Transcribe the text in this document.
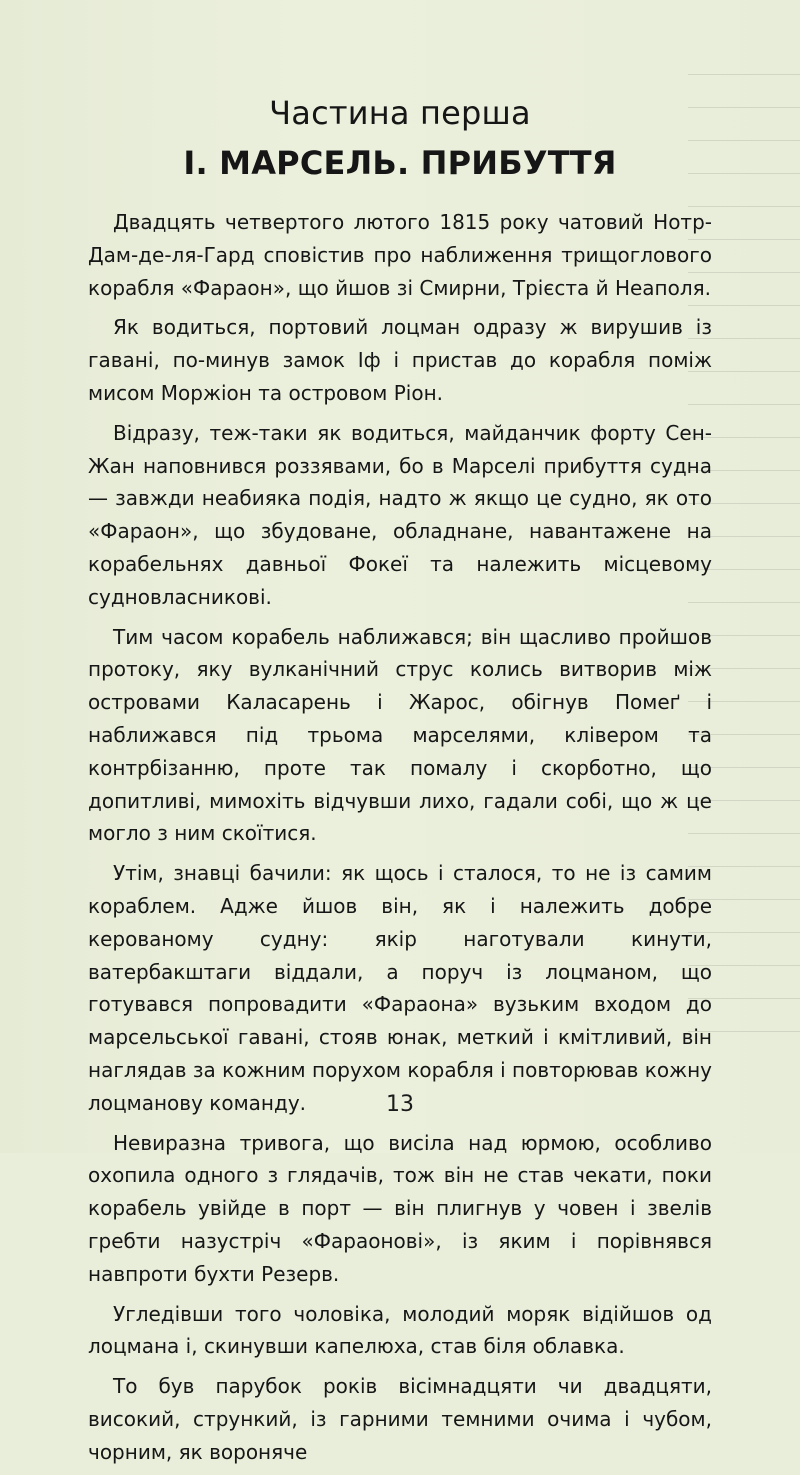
Частина перша
I. МАРСЕЛЬ. ПРИБУТТЯ

Двадцять четвертого лютого 1815 року чатовий Нотр-Дам-де-ля-Гард сповістив про наближення трищоглового корабля «Фараон», що йшов зі Смирни, Трієста й Неаполя.

Як водиться, портовий лоцман одразу ж вирушив із гавані, по-минув замок Іф і пристав до корабля поміж мисом Моржіон та островом Ріон.

Відразу, теж-таки як водиться, майданчик форту Сен-Жан наповнився роззявами, бо в Марселі прибуття судна — завжди неабияка подія, надто ж якщо це судно, як ото «Фараон», що збудоване, обладнане, навантажене на корабельнях давньої Фокеї та належить місцевому судновласникові.

Тим часом корабель наближався; він щасливо пройшов протоку, яку вулканічний струс колись витворив між островами Каласарень і Жарос, обігнув Помеґ і наближався під трьома марселями, клівером та контрбізанню, проте так помалу і скорботно, що допитливі, мимохіть відчувши лихо, гадали собі, що ж це могло з ним скоїтися.

Утім, знавці бачили: як щось і сталося, то не із самим кораблем. Адже йшов він, як і належить добре керованому судну: якір наготували кинути, ватербакштаги віддали, а поруч із лоцманом, що готувався попровадити «Фараона» вузьким входом до марсельської гавані, стояв юнак, меткий і кмітливий, він наглядав за кожним порухом корабля і повторював кожну лоцманову команду.

Невиразна тривога, що висіла над юрмою, особливо охопила одного з глядачів, тож він не став чекати, поки корабель увійде в порт — він плигнув у човен і звелів гребти назустріч «Фараонові», із яким і порівнявся навпроти бухти Резерв.

Угледівши того чоловіка, молодий моряк відійшов од лоцмана і, скинувши капелюха, став біля облавка.

То був парубок років вісімнадцяти чи двадцяти, високий, стрункий, із гарними темними очима і чубом, чорним, як вороняче

13
